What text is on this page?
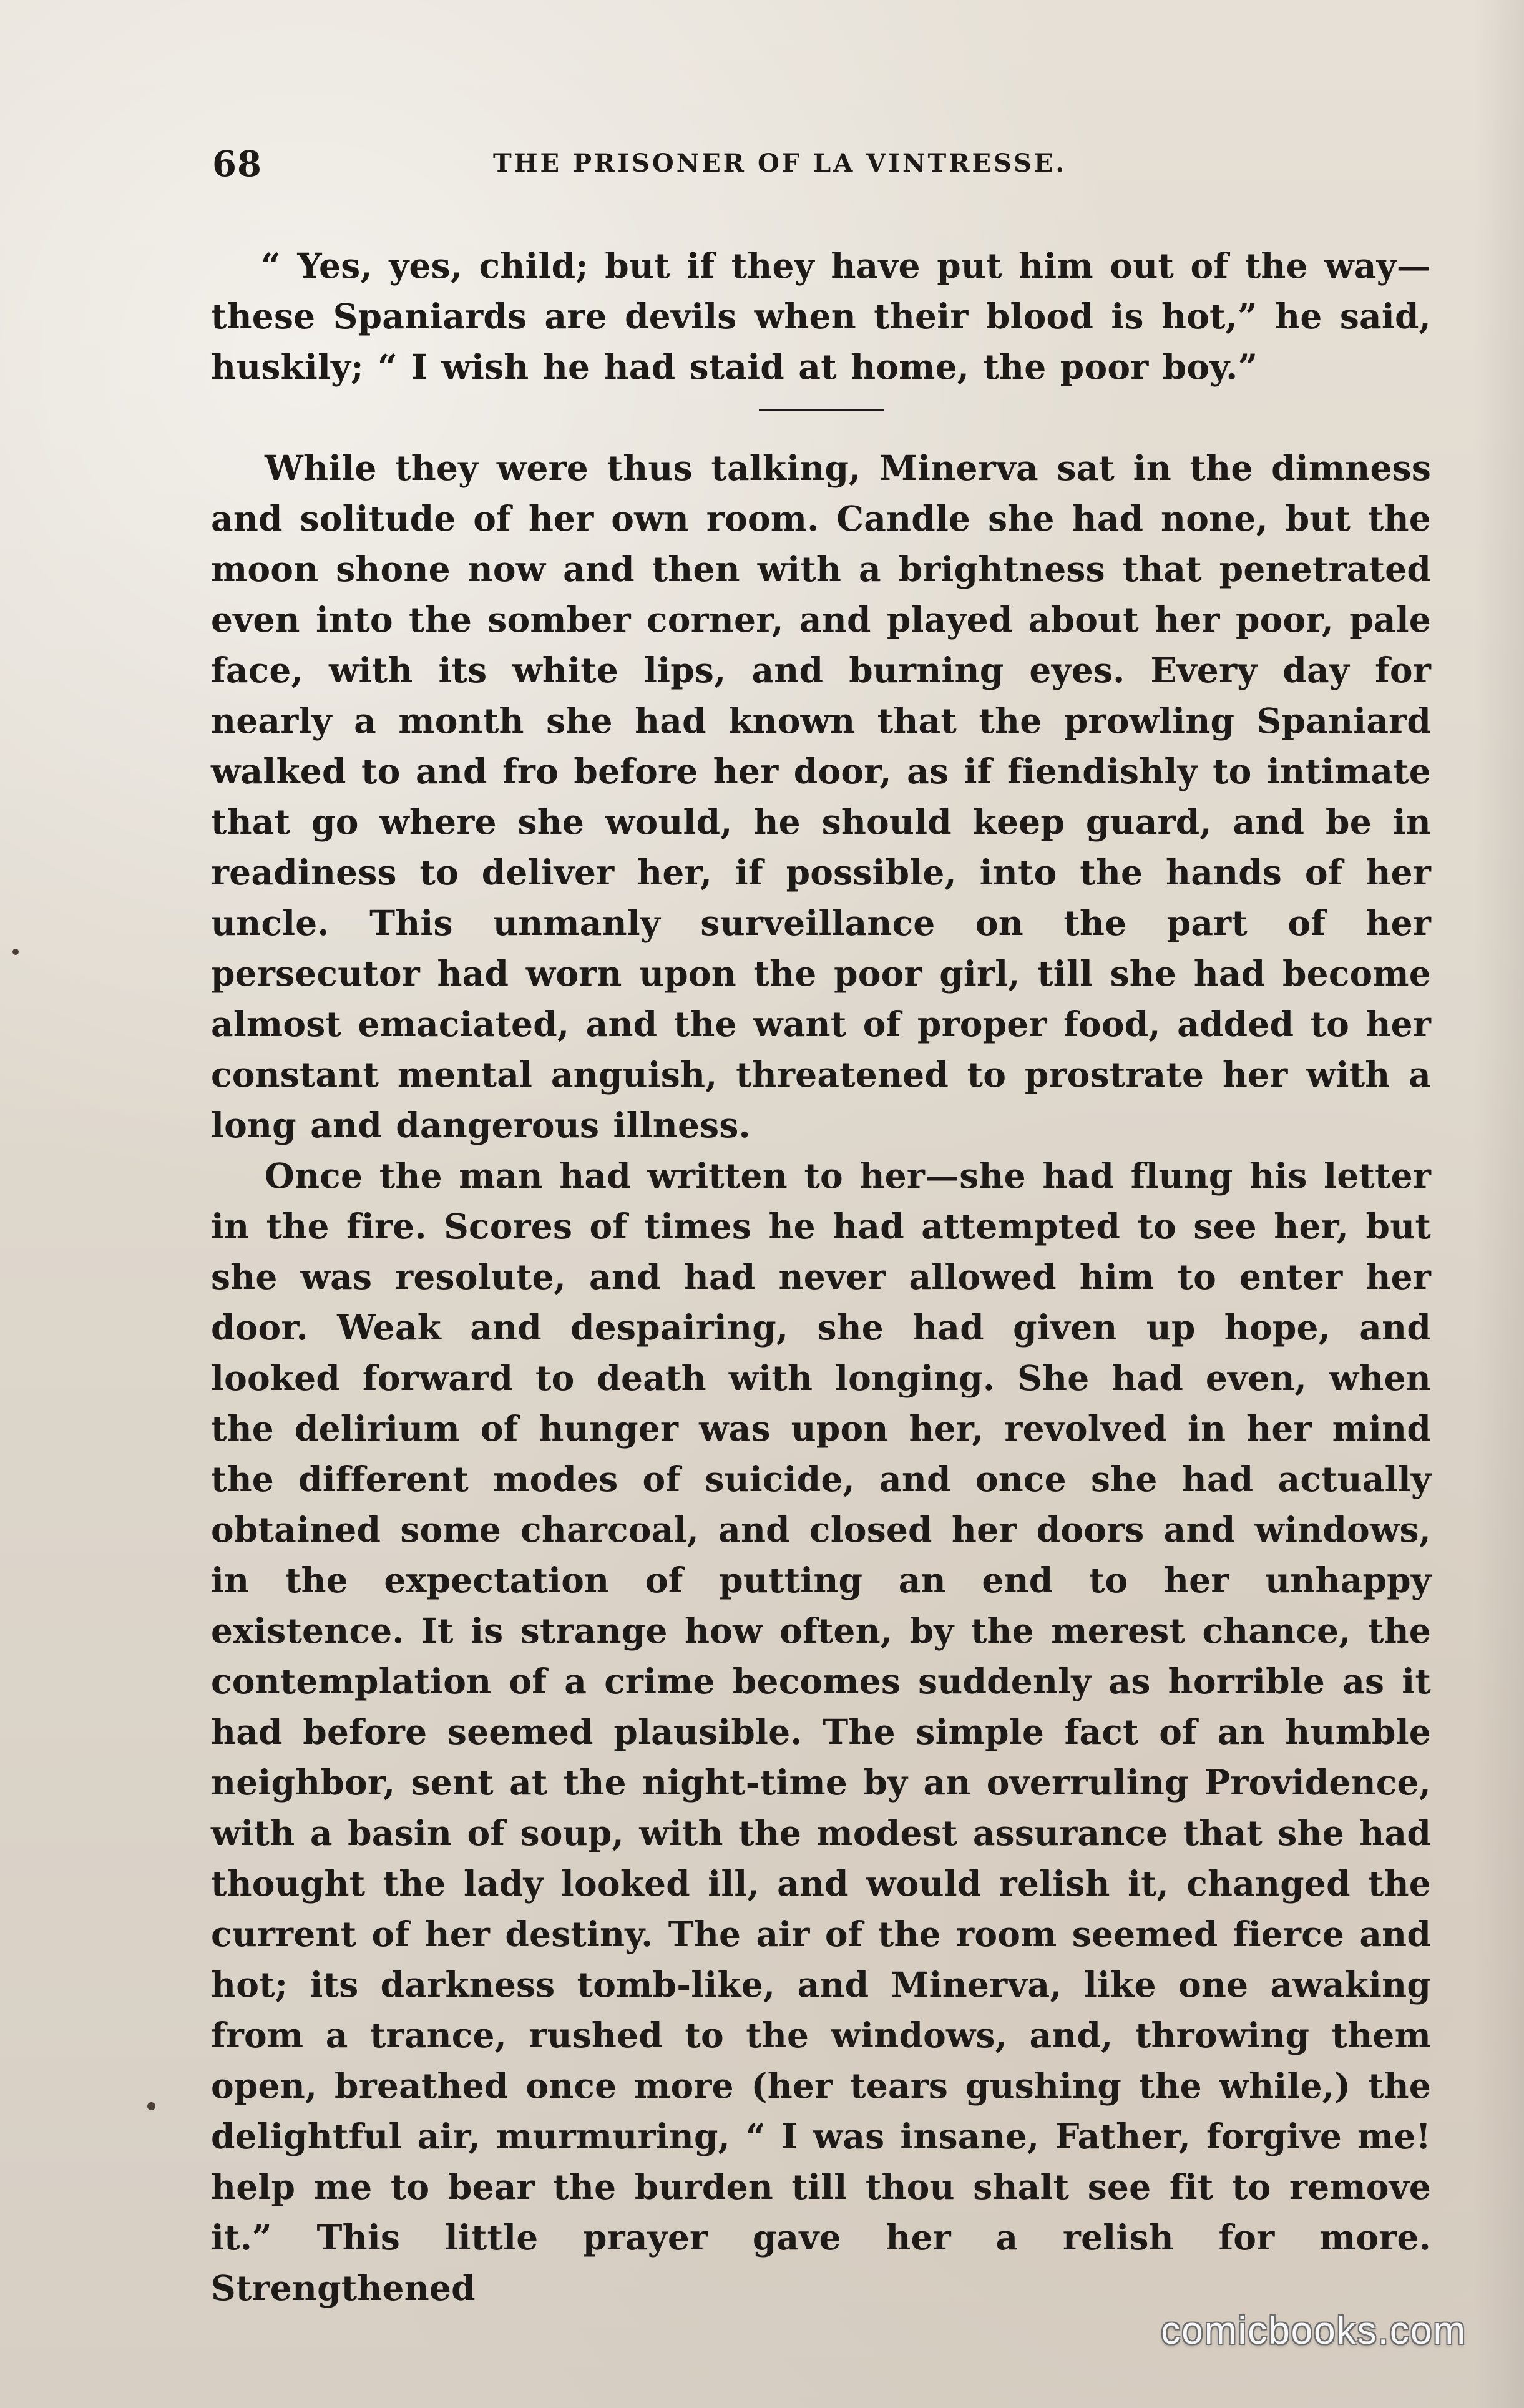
68	THE PRISONER OF LA VINTRESSE.

“ Yes, yes, child; but if they have put him out of the way—these Spaniards are devils when their blood is hot,” he said, huskily; “ I wish he had staid at home, the poor boy.”

While they were thus talking, Minerva sat in the dimness and solitude of her own room. Candle she had none, but the moon shone now and then with a brightness that penetrated even into the somber corner, and played about her poor, pale face, with its white lips, and burning eyes. Every day for nearly a month she had known that the prowling Spaniard walked to and fro before her door, as if fiendishly to intimate that go where she would, he should keep guard, and be in readiness to deliver her, if possible, into the hands of her uncle. This unmanly surveillance on the part of her persecutor had worn upon the poor girl, till she had become almost emaciated, and the want of proper food, added to her constant mental anguish, threatened to prostrate her with a long and dangerous illness.

Once the man had written to her—she had flung his letter in the fire. Scores of times he had attempted to see her, but she was resolute, and had never allowed him to enter her door. Weak and despairing, she had given up hope, and looked forward to death with longing. She had even, when the delirium of hunger was upon her, revolved in her mind the different modes of suicide, and once she had actually obtained some charcoal, and closed her doors and windows, in the expectation of putting an end to her unhappy existence. It is strange how often, by the merest chance, the contemplation of a crime becomes suddenly as horrible as it had before seemed plausible. The simple fact of an humble neighbor, sent at the night-time by an overruling Providence, with a basin of soup, with the modest assurance that she had thought the lady looked ill, and would relish it, changed the current of her destiny. The air of the room seemed fierce and hot; its darkness tomb-like, and Minerva, like one awaking from a trance, rushed to the windows, and, throwing them open, breathed once more (her tears gushing the while,) the delightful air, murmuring, “ I was insane, Father, forgive me! help me to bear the burden till thou shalt see fit to remove it.” This little prayer gave her a relish for more. Strengthened

comicbooks.com
